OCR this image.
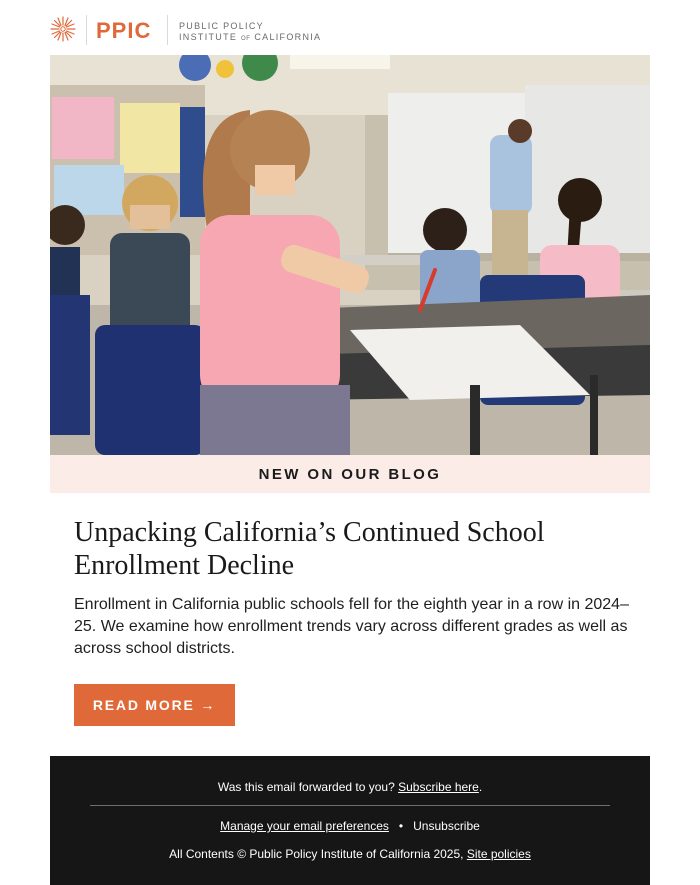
PPIC	PUBLIC POLICY
INSTITUTE OF CALIFORNIA
NEW ON OUR BLOG
Unpacking California’s Continued School Enrollment Decline

Enrollment in California public schools fell for the eighth year in a row in 2024–25. We examine how enrollment trends vary across different grades as well as across school districts.

READ MORE →
Was this email forwarded to you? Subscribe here.
Manage your email preferences • Unsubscribe
All Contents © Public Policy Institute of California 2025, Site policies
